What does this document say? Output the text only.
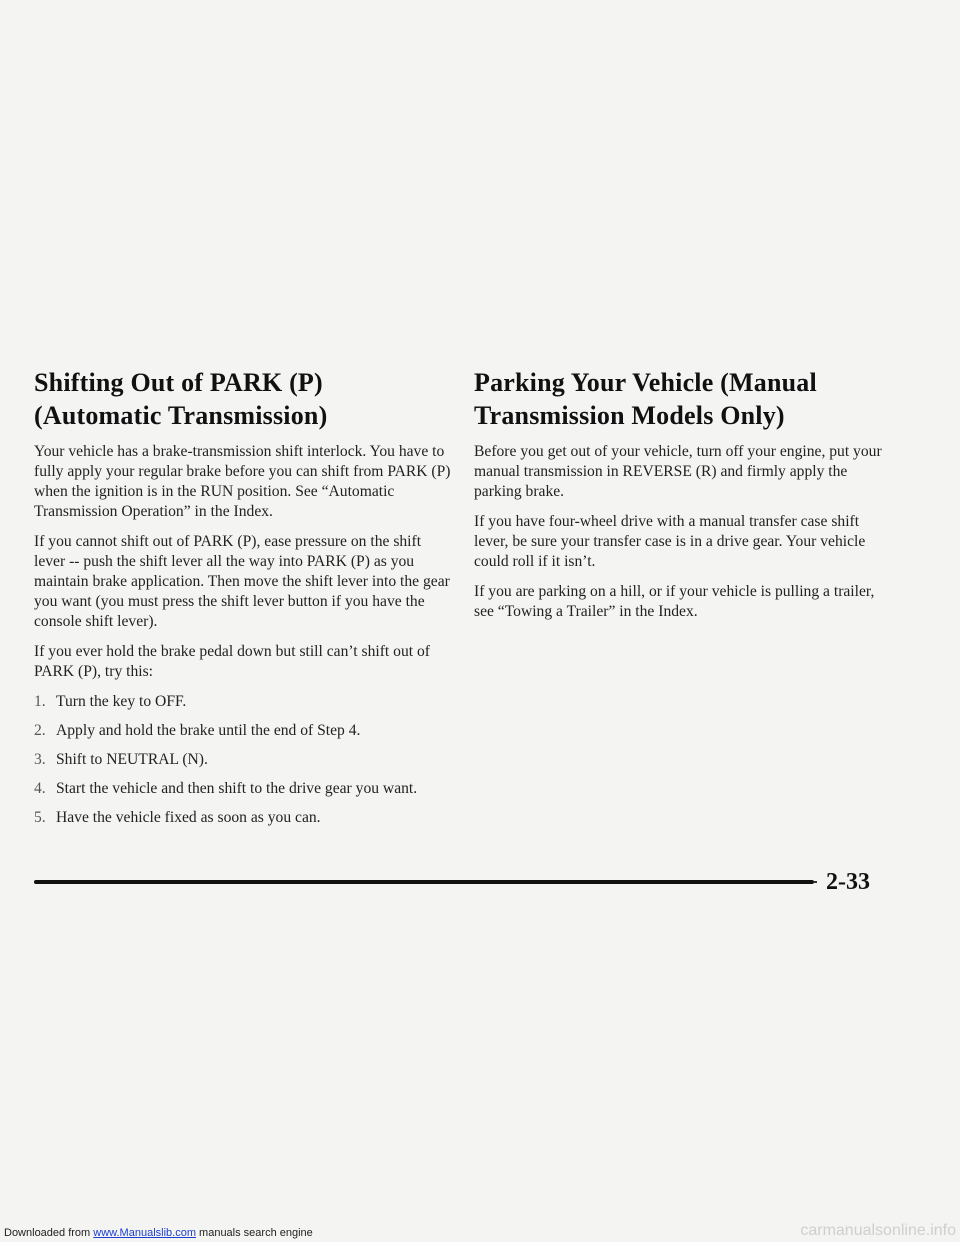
Shifting Out of PARK (P)
(Automatic Transmission)

Your vehicle has a brake-transmission shift interlock. You have to fully apply your regular brake before you can shift from PARK (P) when the ignition is in the RUN position. See “Automatic Transmission Operation” in the Index.

If you cannot shift out of PARK (P), ease pressure on the shift lever -- push the shift lever all the way into PARK (P) as you maintain brake application. Then move the shift lever into the gear you want (you must press the shift lever button if you have the console shift lever).

If you ever hold the brake pedal down but still can’t shift out of PARK (P), try this:

1. Turn the key to OFF.
2. Apply and hold the brake until the end of Step 4.
3. Shift to NEUTRAL (N).
4. Start the vehicle and then shift to the drive gear you want.
5. Have the vehicle fixed as soon as you can.
Parking Your Vehicle (Manual
Transmission Models Only)

Before you get out of your vehicle, turn off your engine, put your manual transmission in REVERSE (R) and firmly apply the parking brake.

If you have four-wheel drive with a manual transfer case shift lever, be sure your transfer case is in a drive gear. Your vehicle could roll if it isn’t.

If you are parking on a hill, or if your vehicle is pulling a trailer, see “Towing a Trailer” in the Index.

2-33
Downloaded from www.Manualslib.com manuals search engine	carmanualsonline.info
